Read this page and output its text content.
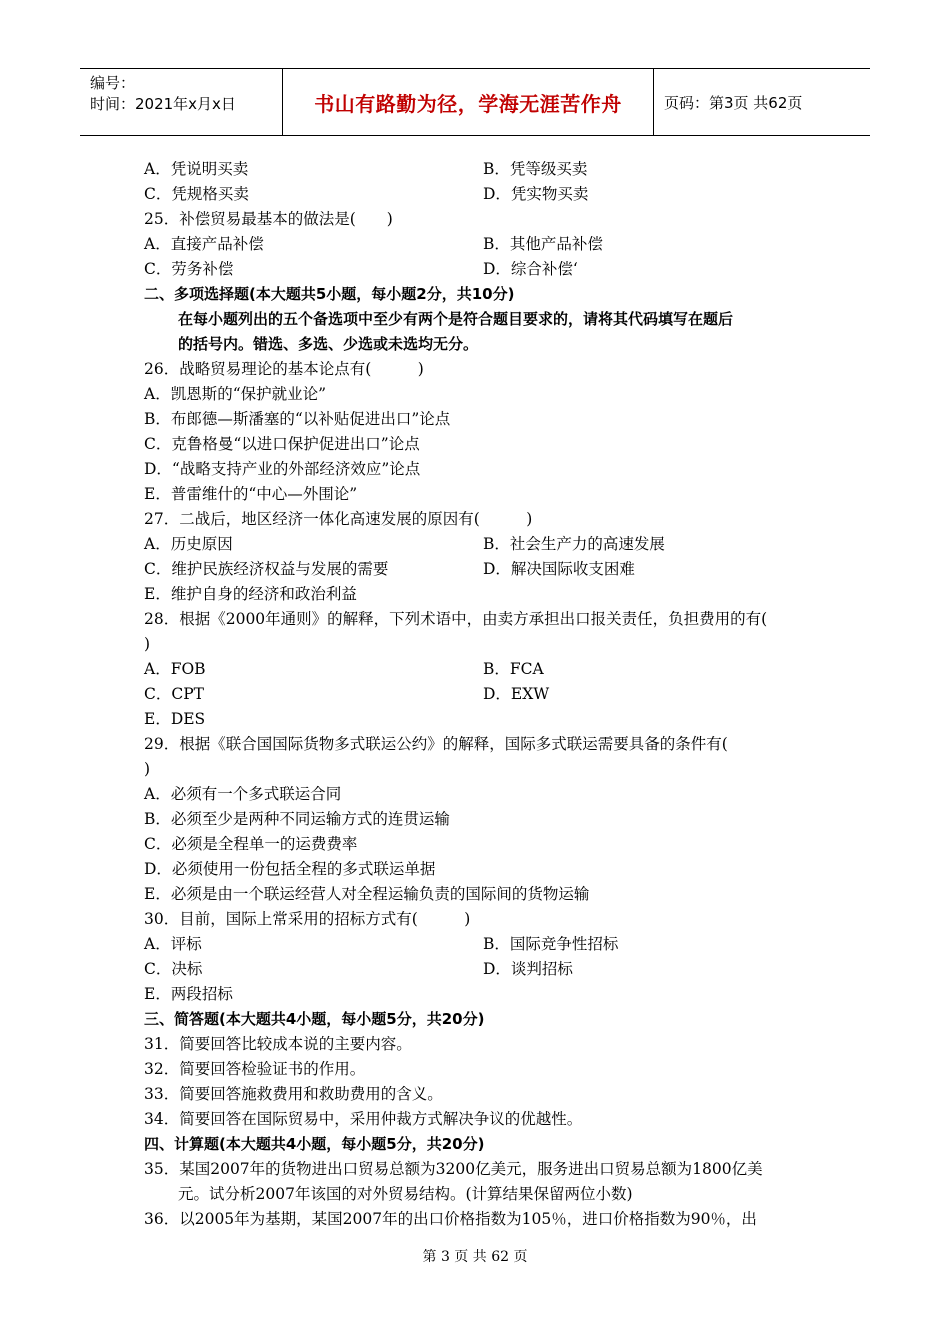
编号：
时间：2021年x月x日	书山有路勤为径，学海无涯苦作舟	页码：第3页 共62页
A．凭说明买卖	B．凭等级买卖
C．凭规格买卖	D．凭实物买卖
25．补偿贸易最基本的做法是(　　)
A．直接产品补偿	B．其他产品补偿
C．劳务补偿	D．综合补偿‘
二、多项选择题(本大题共5小题，每小题2分，共10分)
在每小题列出的五个备选项中至少有两个是符合题目要求的，请将其代码填写在题后
的括号内。错选、多选、少选或未选均无分。
26．战略贸易理论的基本论点有(　　　)
A．凯恩斯的“保护就业论”
B．布郎德—斯潘塞的“以补贴促进出口”论点
C．克鲁格曼“以进口保护促进出口”论点
D．“战略支持产业的外部经济效应”论点
E．普雷维什的“中心—外围论”
27．二战后，地区经济一体化高速发展的原因有(　　　)
A．历史原因	B．社会生产力的高速发展
C．维护民族经济权益与发展的需要	D．解决国际收支困难
E．维护自身的经济和政治利益
28．根据《2000年通则》的解释，下列术语中，由卖方承担出口报关责任，负担费用的有(
)
A．FOB	B．FCA
C．CPT	D．EXW
E．DES
29．根据《联合国国际货物多式联运公约》的解释，国际多式联运需要具备的条件有(
)
A．必须有一个多式联运合同
B．必须至少是两种不同运输方式的连贯运输
C．必须是全程单一的运费费率
D．必须使用一份包括全程的多式联运单据
E．必须是由一个联运经营人对全程运输负责的国际间的货物运输
30．目前，国际上常采用的招标方式有(　　　)
A．评标	B．国际竞争性招标
C．决标	D．谈判招标
E．两段招标
三、简答题(本大题共4小题，每小题5分，共20分)
31．简要回答比较成本说的主要内容。
32．简要回答检验证书的作用。
33．简要回答施救费用和救助费用的含义。
34．简要回答在国际贸易中，采用仲裁方式解决争议的优越性。
四、计算题(本大题共4小题，每小题5分，共20分)
35．某国2007年的货物进出口贸易总额为3200亿美元，服务进出口贸易总额为1800亿美
元。试分析2007年该国的对外贸易结构。(计算结果保留两位小数)
36．以2005年为基期，某国2007年的出口价格指数为105％，进口价格指数为90％，出
第 3 页 共 62 页
